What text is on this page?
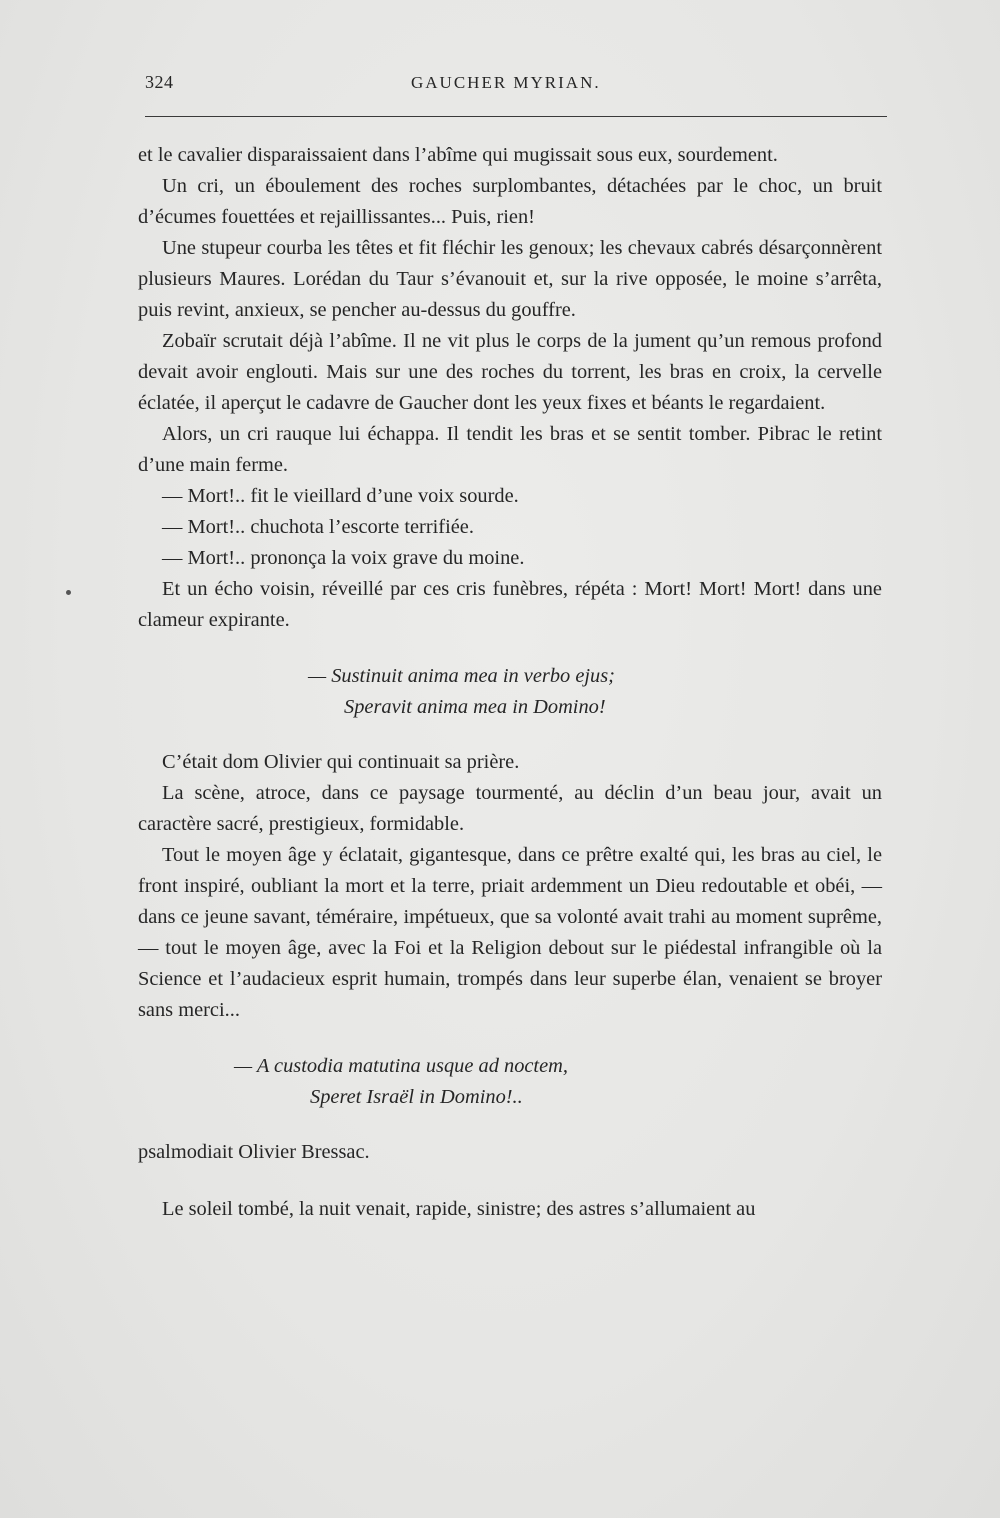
324	GAUCHER MYRIAN.

et le cavalier disparaissaient dans l’abîme qui mugissait sous eux, sourdement.

Un cri, un éboulement des roches surplombantes, détachées par le choc, un bruit d’écumes fouettées et rejaillissantes... Puis, rien!

Une stupeur courba les têtes et fit fléchir les genoux; les chevaux cabrés désarçonnèrent plusieurs Maures. Lorédan du Taur s’évanouit et, sur la rive opposée, le moine s’arrêta, puis revint, anxieux, se pencher au-dessus du gouffre.

Zobaïr scrutait déjà l’abîme. Il ne vit plus le corps de la jument qu’un remous profond devait avoir englouti. Mais sur une des roches du torrent, les bras en croix, la cervelle éclatée, il aperçut le cadavre de Gaucher dont les yeux fixes et béants le regardaient.

Alors, un cri rauque lui échappa. Il tendit les bras et se sentit tomber. Pibrac le retint d’une main ferme.

— Mort!.. fit le vieillard d’une voix sourde.

— Mort!.. chuchota l’escorte terrifiée.

— Mort!.. prononça la voix grave du moine.

Et un écho voisin, réveillé par ces cris funèbres, répéta : Mort! Mort! Mort! dans une clameur expirante.

— Sustinuit anima mea in verbo ejus;
Speravit anima mea in Domino!

C’était dom Olivier qui continuait sa prière.

La scène, atroce, dans ce paysage tourmenté, au déclin d’un beau jour, avait un caractère sacré, prestigieux, formidable.

Tout le moyen âge y éclatait, gigantesque, dans ce prêtre exalté qui, les bras au ciel, le front inspiré, oubliant la mort et la terre, priait ardemment un Dieu redoutable et obéi, — dans ce jeune savant, téméraire, impétueux, que sa volonté avait trahi au moment suprême, — tout le moyen âge, avec la Foi et la Religion debout sur le piédestal infrangible où la Science et l’audacieux esprit humain, trompés dans leur superbe élan, venaient se broyer sans merci...

— A custodia matutina usque ad noctem,
Speret Israël in Domino!..

psalmodiait Olivier Bressac.

Le soleil tombé, la nuit venait, rapide, sinistre; des astres s’allumaient au
